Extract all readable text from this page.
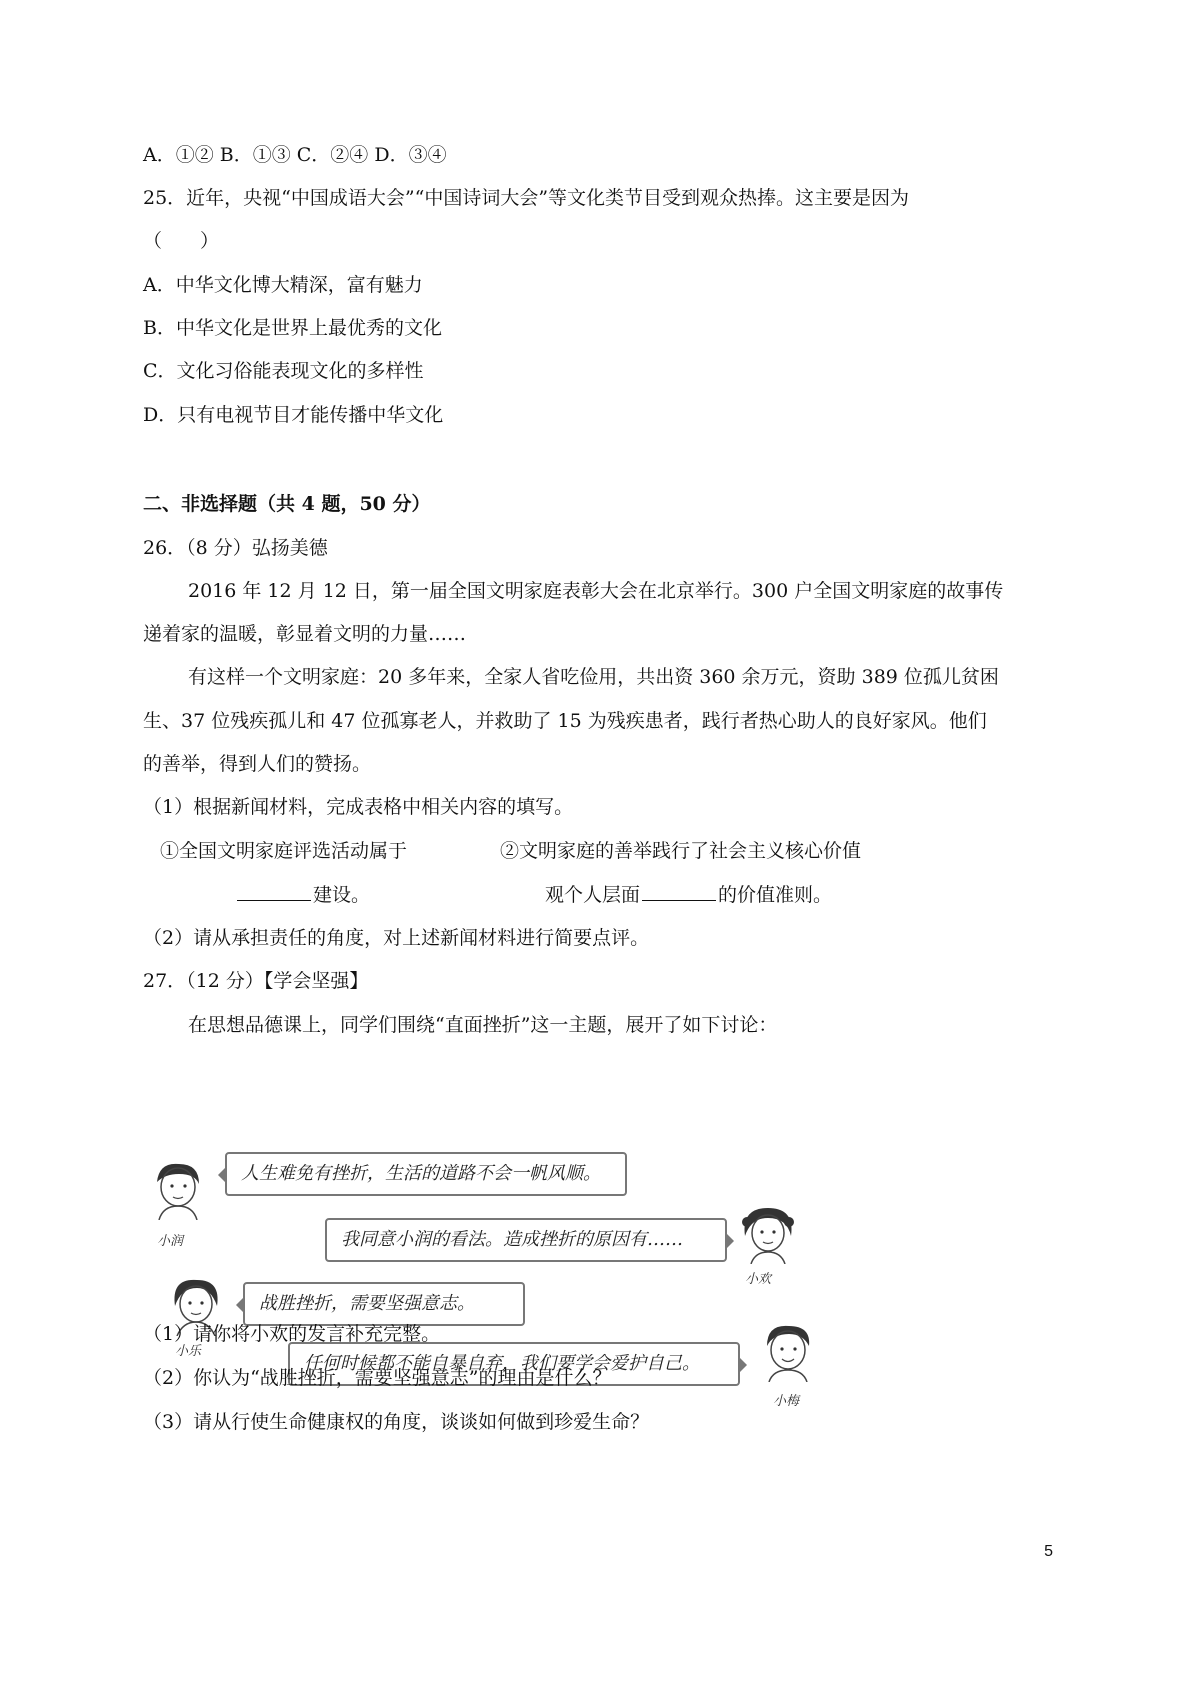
A．①② B．①③ C．②④ D．③④
25．近年，央视“中国成语大会”“中国诗词大会”等文化类节目受到观众热捧。这主要是因为
（　　）
A．中华文化博大精深，富有魅力
B．中华文化是世界上最优秀的文化
C．文化习俗能表现文化的多样性
D．只有电视节目才能传播中华文化
二、非选择题（共 4 题，50 分）
26．（8 分）弘扬美德
2016 年 12 月 12 日，第一届全国文明家庭表彰大会在北京举行。300 户全国文明家庭的故事传
递着家的温暖，彰显着文明的力量……
有这样一个文明家庭：20 多年来，全家人省吃俭用，共出资 360 余万元，资助 389 位孤儿贫困
生、37 位残疾孤儿和 47 位孤寡老人，并救助了 15 为残疾患者，践行者热心助人的良好家风。他们
的善举，得到人们的赞扬。
（1）根据新闻材料，完成表格中相关内容的填写。
①全国文明家庭评选活动属于	②文明家庭的善举践行了社会主义核心价值
建设。	观个人层面	的价值准则。
（2）请从承担责任的角度，对上述新闻材料进行简要点评。
27．（12 分）【学会坚强】
在思想品德课上，同学们围绕“直面挫折”这一主题，展开了如下讨论：
小润
人生难免有挫折，生活的道路不会一帆风顺。
我同意小润的看法。造成挫折的原因有……
小欢
小乐
战胜挫折，需要坚强意志。
任何时候都不能自暴自弃，我们要学会爱护自己。
小梅
（1）请你将小欢的发言补充完整。
（2）你认为“战胜挫折，需要坚强意志”的理由是什么？
（3）请从行使生命健康权的角度，谈谈如何做到珍爱生命？
5
